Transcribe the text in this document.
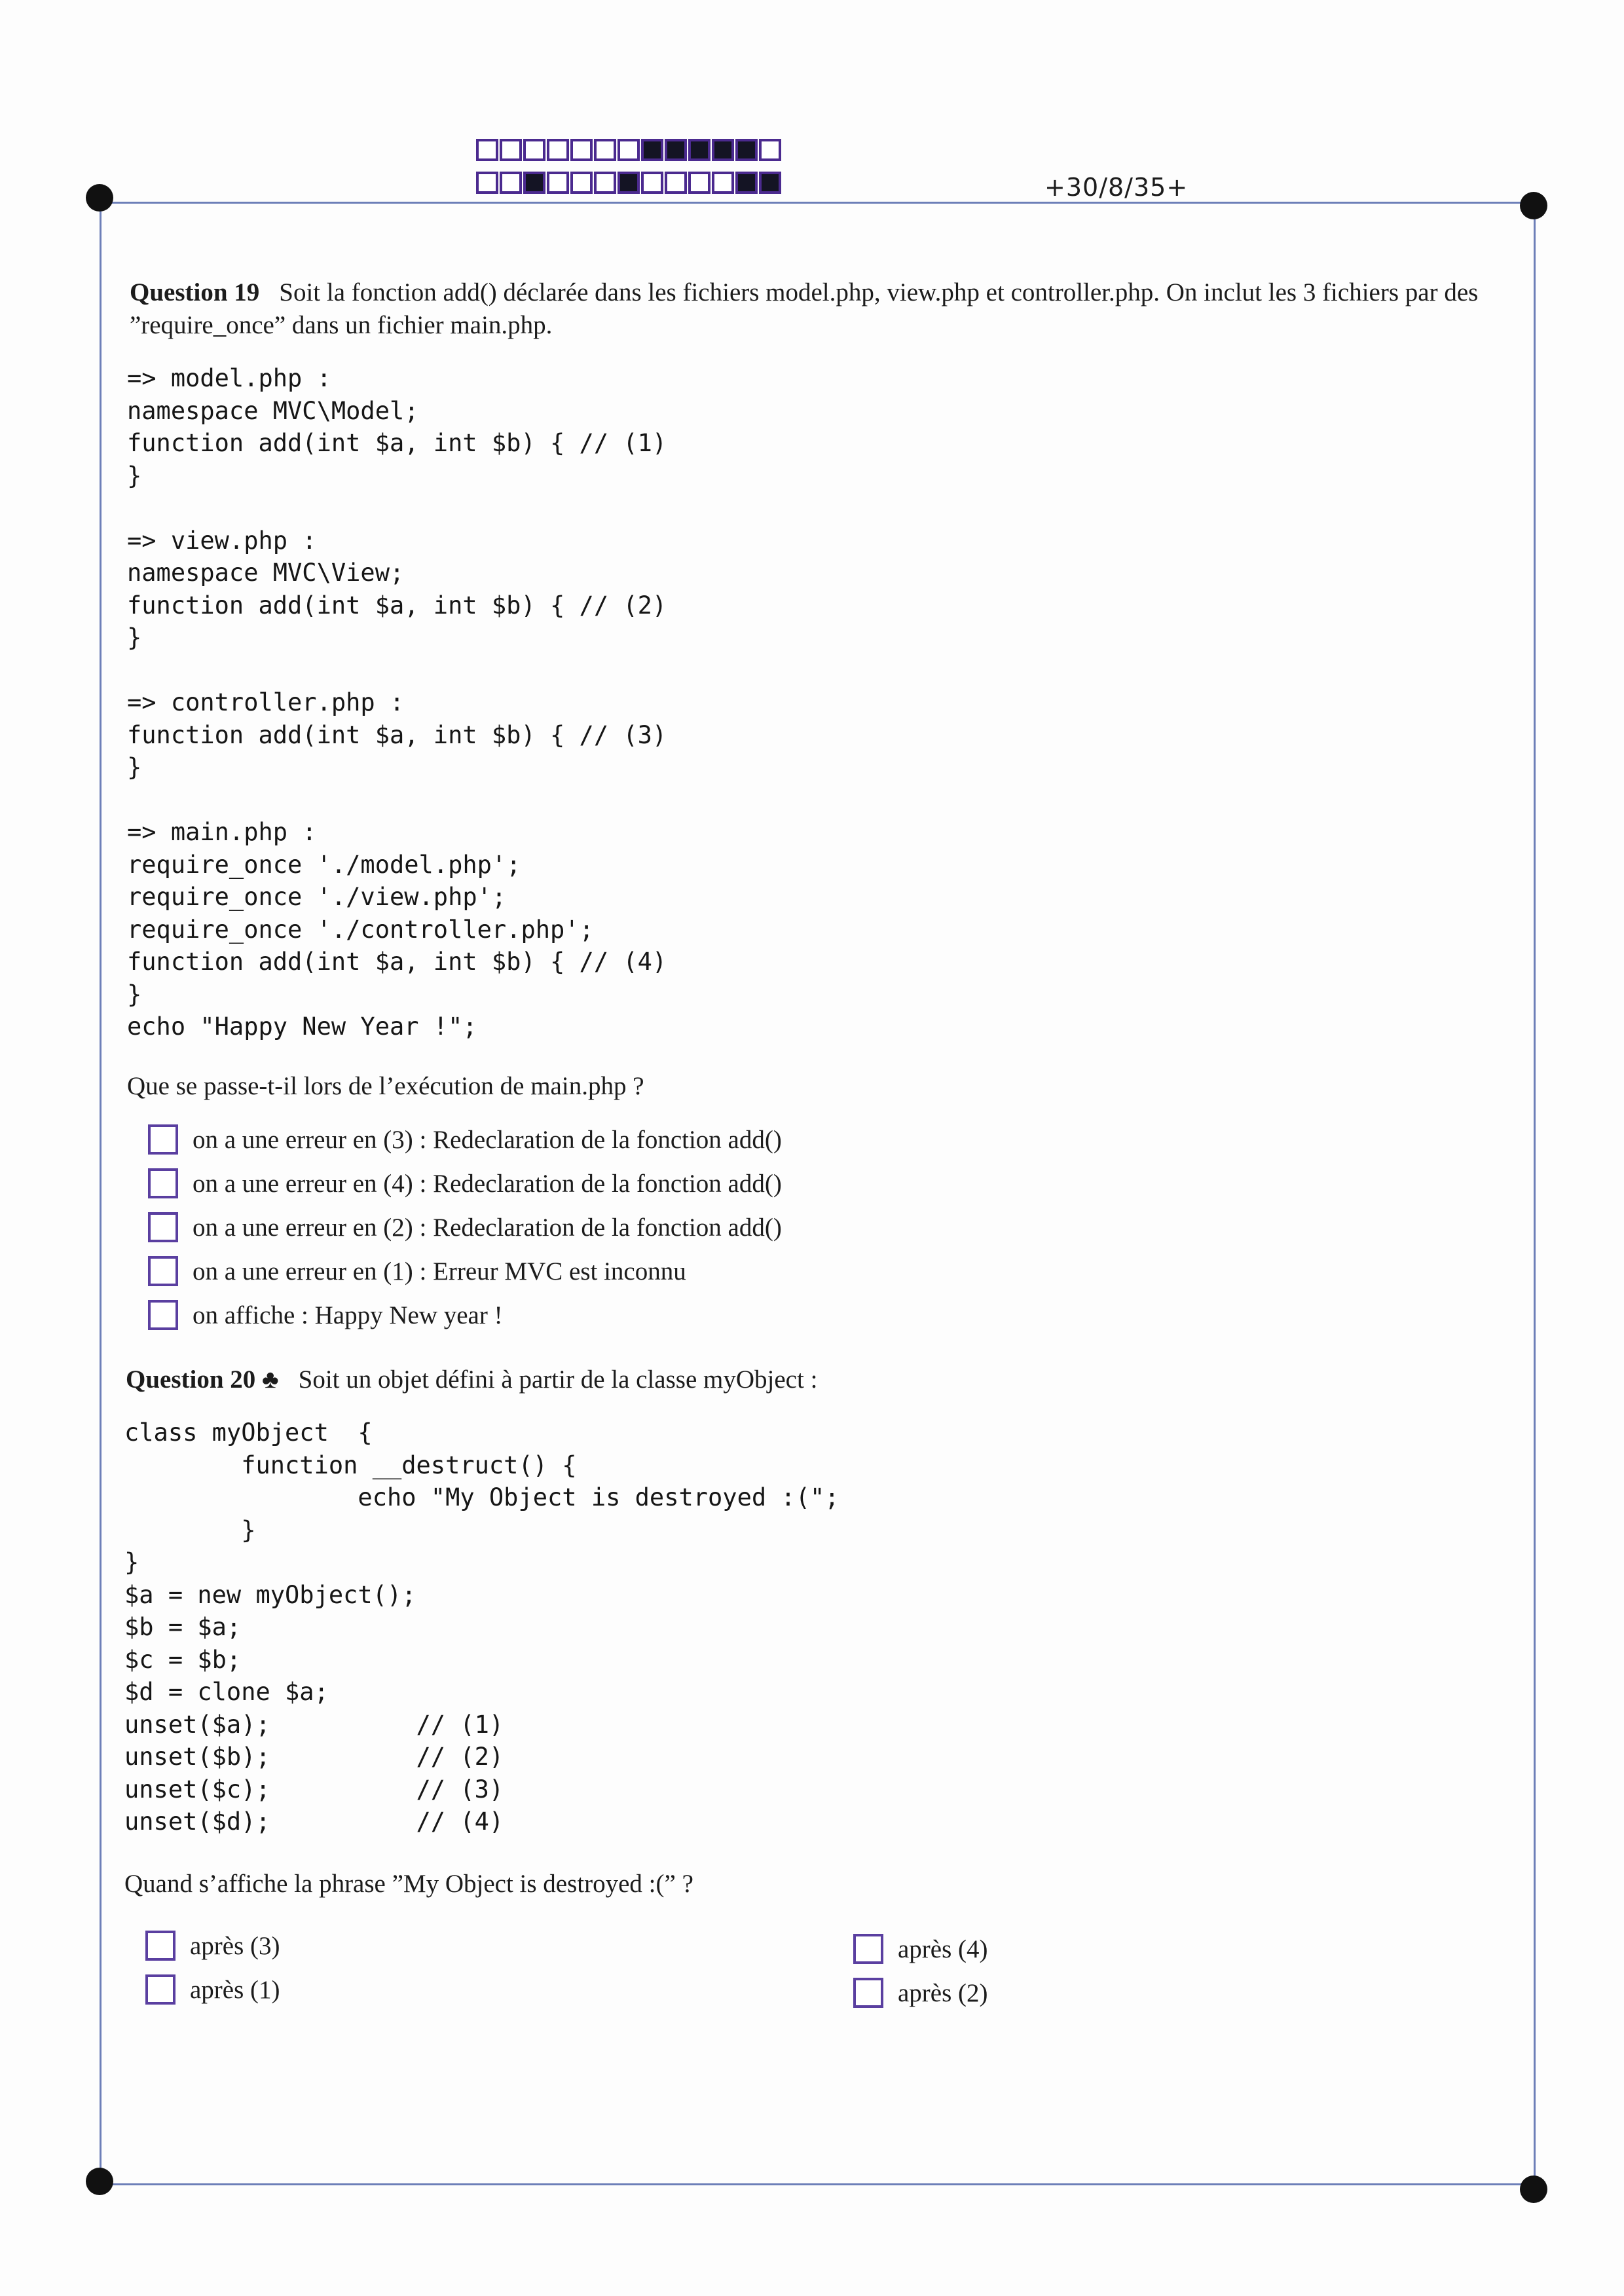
+30/8/35+
Question 19 Soit la fonction add() déclarée dans les fichiers model.php, view.php et controller.php. On inclut les 3 fichiers par des ”require_once” dans un fichier main.php.
=> model.php :
namespace MVC\Model;
function add(int $a, int $b) { // (1)
}

=> view.php :
namespace MVC\View;
function add(int $a, int $b) { // (2)
}

=> controller.php :
function add(int $a, int $b) { // (3)
}

=> main.php :
require_once './model.php';
require_once './view.php';
require_once './controller.php';
function add(int $a, int $b) { // (4)
}
echo "Happy New Year !";
Que se passe-t-il lors de l’exécution de main.php ?
on a une erreur en (3) : Redeclaration de la fonction add()
on a une erreur en (4) : Redeclaration de la fonction add()
on a une erreur en (2) : Redeclaration de la fonction add()
on a une erreur en (1) : Erreur MVC est inconnu
on affiche : Happy New year !
Question 20 ♣ Soit un objet défini à partir de la classe myObject :
class myObject  {
function __destruct() {
echo "My Object is destroyed :(";
}
}
$a = new myObject();
$b = $a;
$c = $b;
$d = clone $a;
unset($a);          // (1)
unset($b);          // (2)
unset($c);          // (3)
unset($d);          // (4)
Quand s’affiche la phrase ”My Object is destroyed :(” ?
après (3)
après (1)
après (4)
après (2)
